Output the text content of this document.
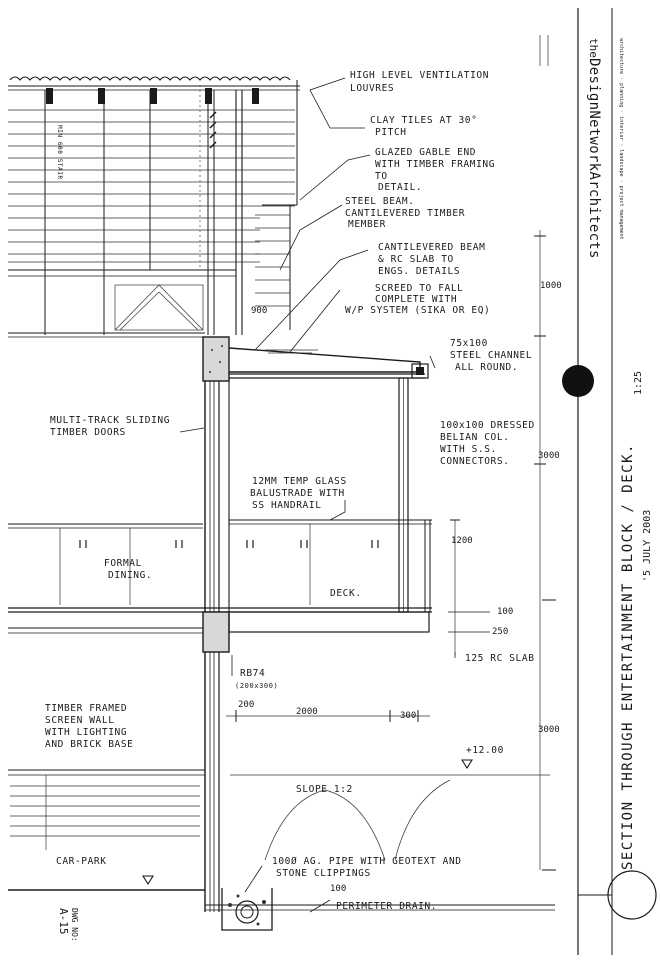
the
DesignNetworkArchitects	architecture · planning · interior · landscape · project management
SECTION THROUGH ENTERTAINMENT BLOCK / DECK.
1:25
'5 JULY 2003
DWG NO:
A-15
HIGH LEVEL VENTILATION LOUVRES
CLAY TILES AT 30° PITCH
GLAZED GABLE END WITH TIMBER FRAMING TO DETAIL.
STEEL BEAM. CANTILEVERED TIMBER MEMBER
CANTILEVERED BEAM & RC SLAB TO ENGS. DETAILS
SCREED TO FALL COMPLETE WITH W/P SYSTEM (SIKA OR EQ)
75x100 STEEL CHANNEL ALL ROUND.
100x100 DRESSED BELIAN COL. WITH S.S. CONNECTORS.
MULTI-TRACK SLIDING TIMBER DOORS
12MM TEMP GLASS BALUSTRADE WITH SS HANDRAIL
FORMAL DINING.
DECK.
125 RC SLAB
RB74 (200x300)
TIMBER FRAMED SCREEN WALL WITH LIGHTING AND BRICK BASE
SLOPE 1:2
+12.00
100Ø AG. PIPE WITH GEOTEXT AND STONE CLIPPINGS
PERIMETER DRAIN.
CAR-PARK
MIN 600 STAIR
900
1000
3000
1200
100
250
200
2000	300
3000
100
